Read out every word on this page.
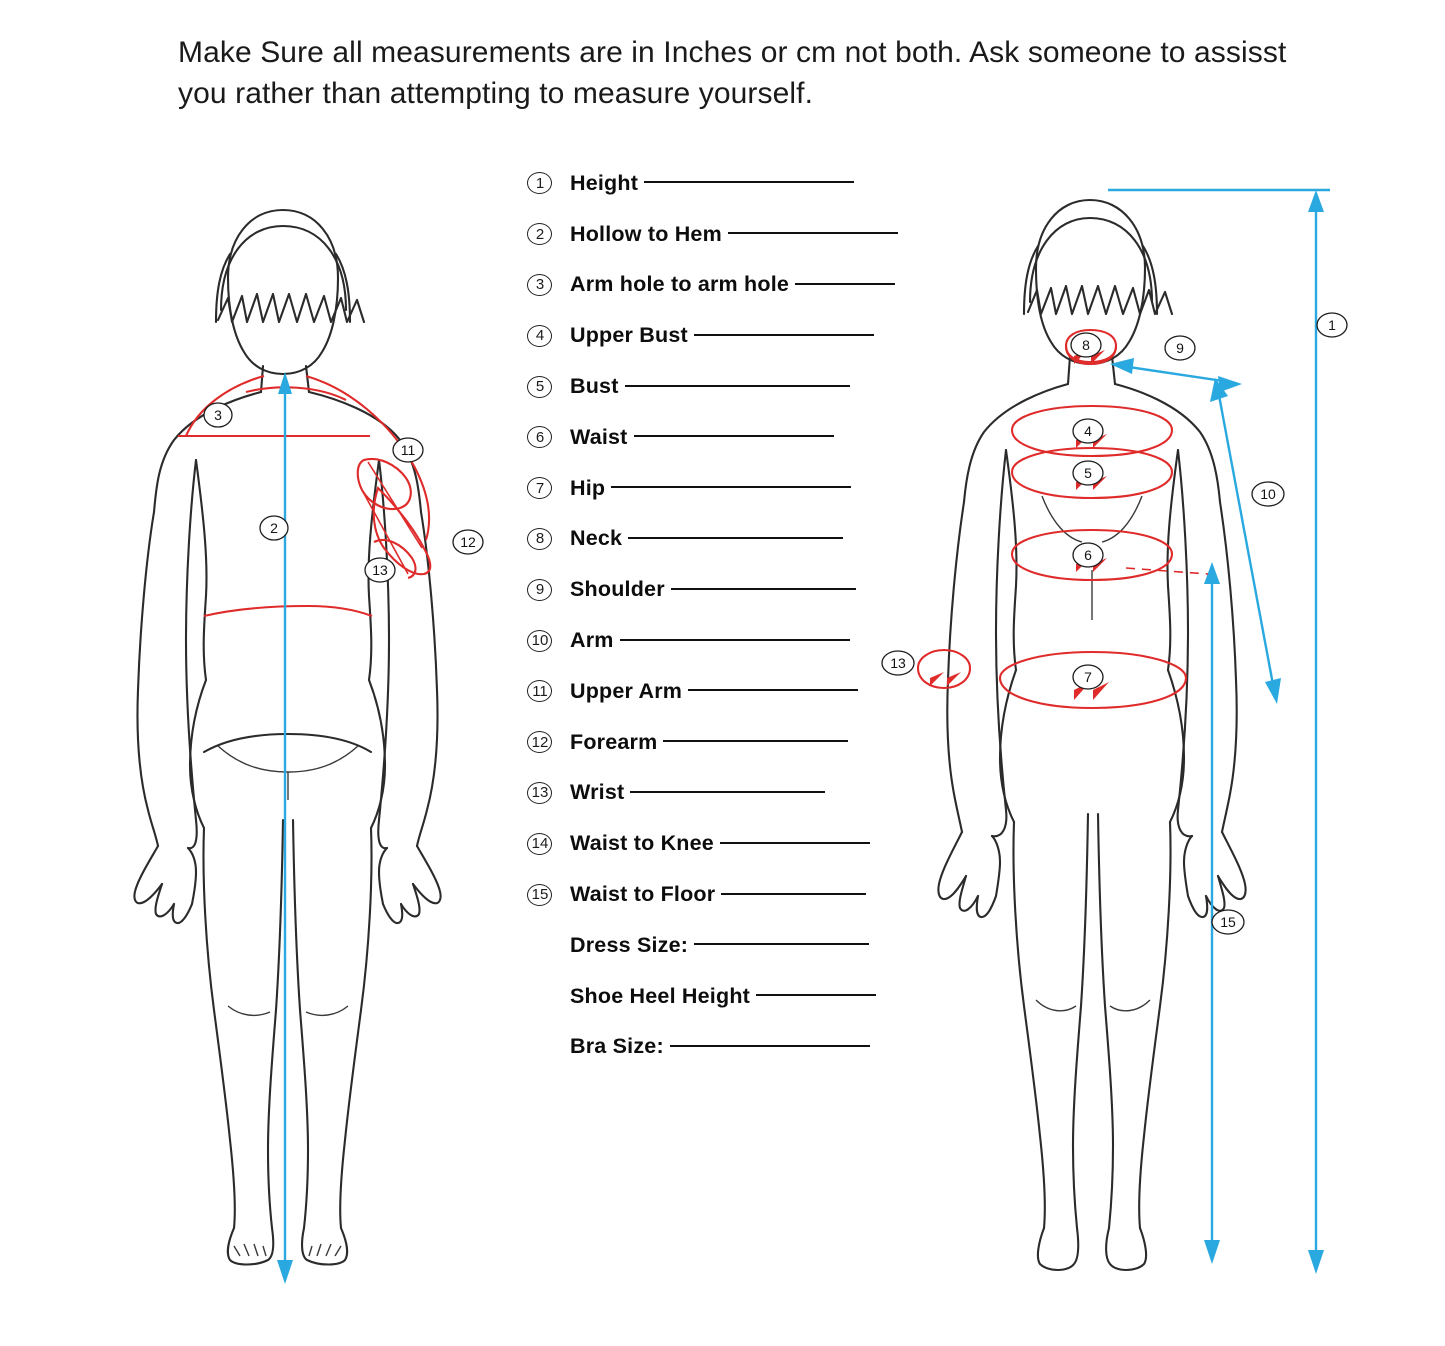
Make Sure all measurements are in Inches or cm not both. Ask someone to assisst you rather than attempting to measure yourself.
1 Height
2 Hollow to Hem
3 Arm hole to arm hole
4 Upper Bust
5 Bust
6 Waist
7 Hip
8 Neck
9 Shoulder
10 Arm
11 Upper Arm
12 Forearm
13 Wrist
14 Waist to Knee
15 Waist to Floor
Dress Size:
Shoe Heel Height
Bra Size:
3
2
11
12
13
8	9
1
4
5
10
6
13
7
15
